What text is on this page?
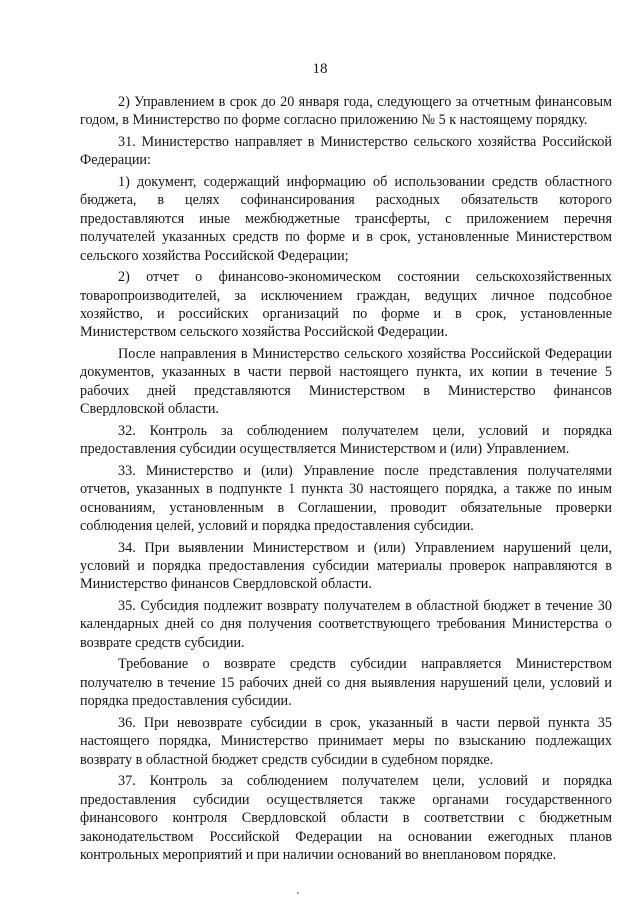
18

2) Управлением в срок до 20 января года, следующего за отчетным финансовым годом, в Министерство по форме согласно приложению № 5 к настоящему порядку.

31. Министерство направляет в Министерство сельского хозяйства Российской Федерации:

1) документ, содержащий информацию об использовании средств областного бюджета, в целях софинансирования расходных обязательств которого предоставляются иные межбюджетные трансферты, с приложением перечня получателей указанных средств по форме и в срок, установленные Министерством сельского хозяйства Российской Федерации;

2) отчет о финансово-экономическом состоянии сельскохозяйственных товаропроизводителей, за исключением граждан, ведущих личное подсобное хозяйство, и российских организаций по форме и в срок, установленные Министерством сельского хозяйства Российской Федерации.

После направления в Министерство сельского хозяйства Российской Федерации документов, указанных в части первой настоящего пункта, их копии в течение 5 рабочих дней представляются Министерством в Министерство финансов Свердловской области.

32. Контроль за соблюдением получателем цели, условий и порядка предоставления субсидии осуществляется Министерством и (или) Управлением.

33. Министерство и (или) Управление после представления получателями отчетов, указанных в подпункте 1 пункта 30 настоящего порядка, а также по иным основаниям, установленным в Соглашении, проводит обязательные проверки соблюдения целей, условий и порядка предоставления субсидии.

34. При выявлении Министерством и (или) Управлением нарушений цели, условий и порядка предоставления субсидии материалы проверок направляются в Министерство финансов Свердловской области.

35. Субсидия подлежит возврату получателем в областной бюджет в течение 30 календарных дней со дня получения соответствующего требования Министерства о возврате средств субсидии.

Требование о возврате средств субсидии направляется Министерством получателю в течение 15 рабочих дней со дня выявления нарушений цели, условий и порядка предоставления субсидии.

36. При невозврате субсидии в срок, указанный в части первой пункта 35 настоящего порядка, Министерство принимает меры по взысканию подлежащих возврату в областной бюджет средств субсидии в судебном порядке.

37. Контроль за соблюдением получателем цели, условий и порядка предоставления субсидии осуществляется также органами государственного финансового контроля Свердловской области в соответствии с бюджетным законодательством Российской Федерации на основании ежегодных планов контрольных мероприятий и при наличии оснований во внеплановом порядке.
